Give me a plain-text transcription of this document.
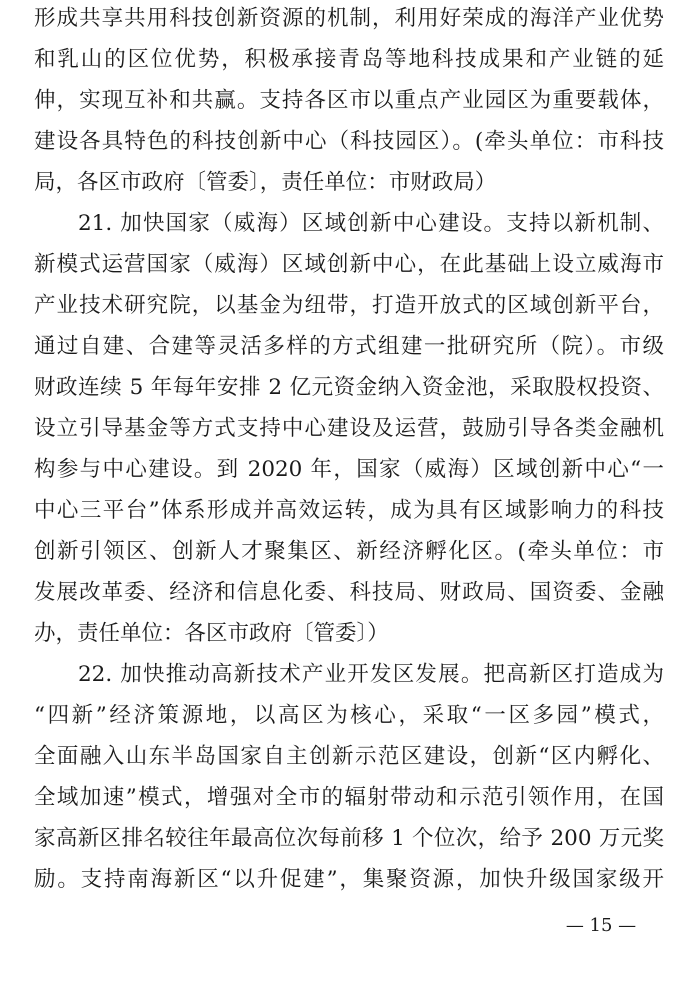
形成共享共用科技创新资源的机制，利用好荣成的海洋产业优势
和乳山的区位优势，积极承接青岛等地科技成果和产业链的延
伸，实现互补和共赢。支持各区市以重点产业园区为重要载体，
建设各具特色的科技创新中心（科技园区）。(牵头单位：市科技
局，各区市政府〔管委〕，责任单位：市财政局）
21. 加快国家（威海）区域创新中心建设。支持以新机制、
新模式运营国家（威海）区域创新中心，在此基础上设立威海市
产业技术研究院，以基金为纽带，打造开放式的区域创新平台，
通过自建、合建等灵活多样的方式组建一批研究所（院）。市级
财政连续 5 年每年安排 2 亿元资金纳入资金池，采取股权投资、
设立引导基金等方式支持中心建设及运营，鼓励引导各类金融机
构参与中心建设。到 2020 年，国家（威海）区域创新中心“一
中心三平台”体系形成并高效运转，成为具有区域影响力的科技
创新引领区、创新人才聚集区、新经济孵化区。(牵头单位：市
发展改革委、经济和信息化委、科技局、财政局、国资委、金融
办，责任单位：各区市政府〔管委〕）
22. 加快推动高新技术产业开发区发展。把高新区打造成为
“四新”经济策源地，以高区为核心，采取“一区多园”模式，
全面融入山东半岛国家自主创新示范区建设，创新“区内孵化、
全域加速”模式，增强对全市的辐射带动和示范引领作用，在国
家高新区排名较往年最高位次每前移 1 个位次，给予 200 万元奖
励。支持南海新区“以升促建”，集聚资源，加快升级国家级开
— 15 —
